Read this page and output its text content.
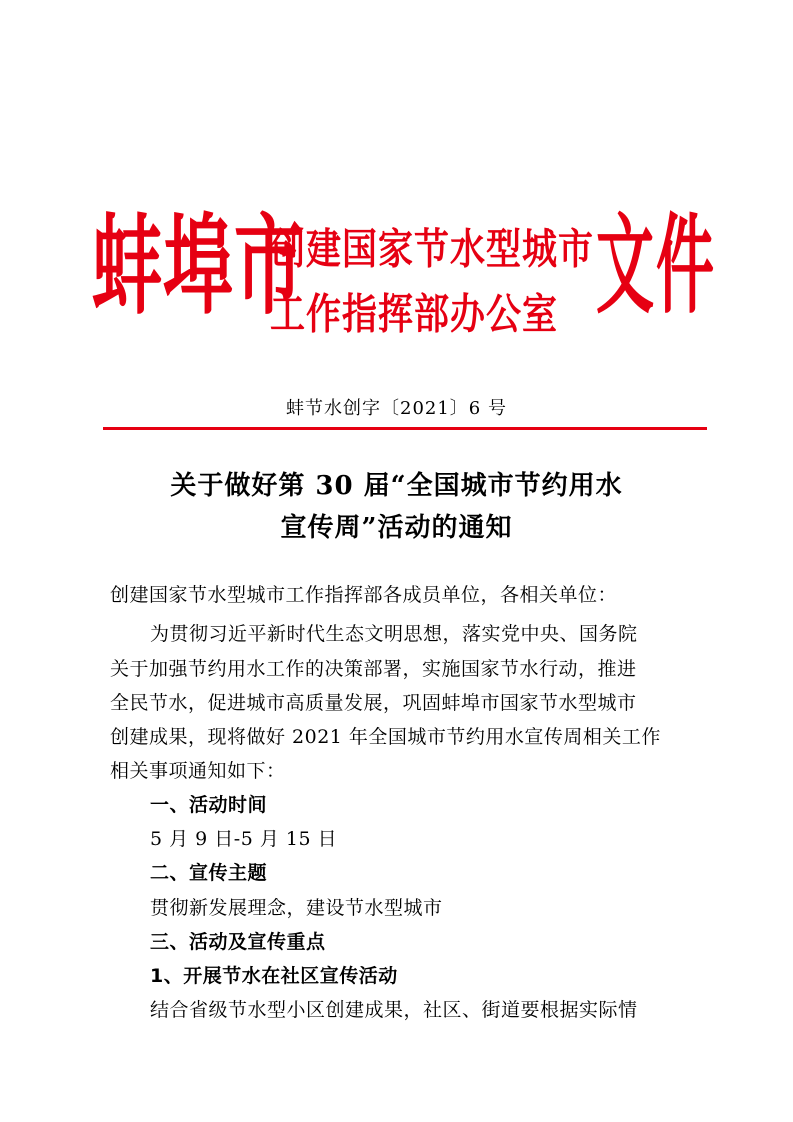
蚌埠市
创建国家节水型城市
工作指挥部办公室 文件
蚌节水创字〔2021〕6 号
关于做好第 30 届“全国城市节约用水
宣传周”活动的通知
创建国家节水型城市工作指挥部各成员单位，各相关单位：
为贯彻习近平新时代生态文明思想，落实党中央、国务院
关于加强节约用水工作的决策部署，实施国家节水行动，推进
全民节水，促进城市高质量发展，巩固蚌埠市国家节水型城市
创建成果，现将做好 2021 年全国城市节约用水宣传周相关工作
相关事项通知如下：
一、活动时间
5 月 9 日-5 月 15 日
二、宣传主题
贯彻新发展理念，建设节水型城市
三、活动及宣传重点
1、开展节水在社区宣传活动
结合省级节水型小区创建成果，社区、街道要根据实际情
